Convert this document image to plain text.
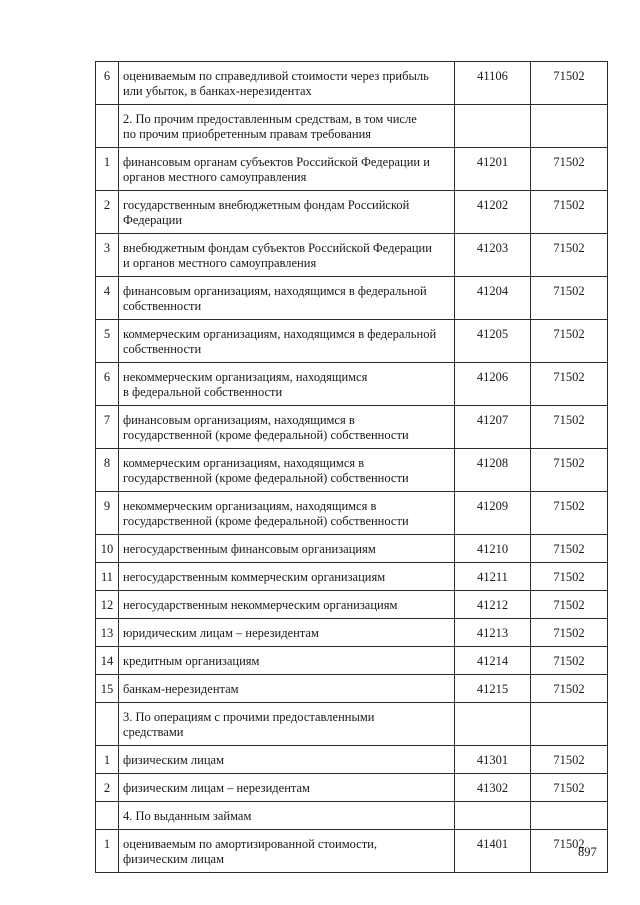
6	оцениваемым по справедливой стоимости через прибыль
или убыток, в банках-нерезидентах	41106	71502

	2. По прочим предоставленным средствам, в том числе
по прочим приобретенным правам требования		

1	финансовым органам субъектов Российской Федерации и
органов местного самоуправления	41201	71502
2	государственным внебюджетным фондам Российской
Федерации	41202	71502
3	внебюджетным фондам субъектов Российской Федерации
и органов местного самоуправления	41203	71502
4	финансовым организациям, находящимся в федеральной
собственности	41204	71502
5	коммерческим организациям, находящимся в федеральной
собственности	41205	71502
6	некоммерческим организациям, находящимся
в федеральной собственности	41206	71502
7	финансовым организациям, находящимся в
государственной (кроме федеральной) собственности	41207	71502
8	коммерческим организациям, находящимся в
государственной (кроме федеральной) собственности	41208	71502
9	некоммерческим организациям, находящимся в
государственной (кроме федеральной) собственности	41209	71502
10	негосударственным финансовым организациям	41210	71502
11	негосударственным коммерческим организациям	41211	71502
12	негосударственным некоммерческим организациям	41212	71502
13	юридическим лицам – нерезидентам	41213	71502
14	кредитным организациям	41214	71502
15	банкам-нерезидентам	41215	71502

	3. По операциям с прочими предоставленными
средствами		

1	физическим лицам	41301	71502
2	физическим лицам – нерезидентам	41302	71502

	4. По выданным займам		

1	оцениваемым по амортизированной стоимости,
физическим лицам	41401	71502
897
